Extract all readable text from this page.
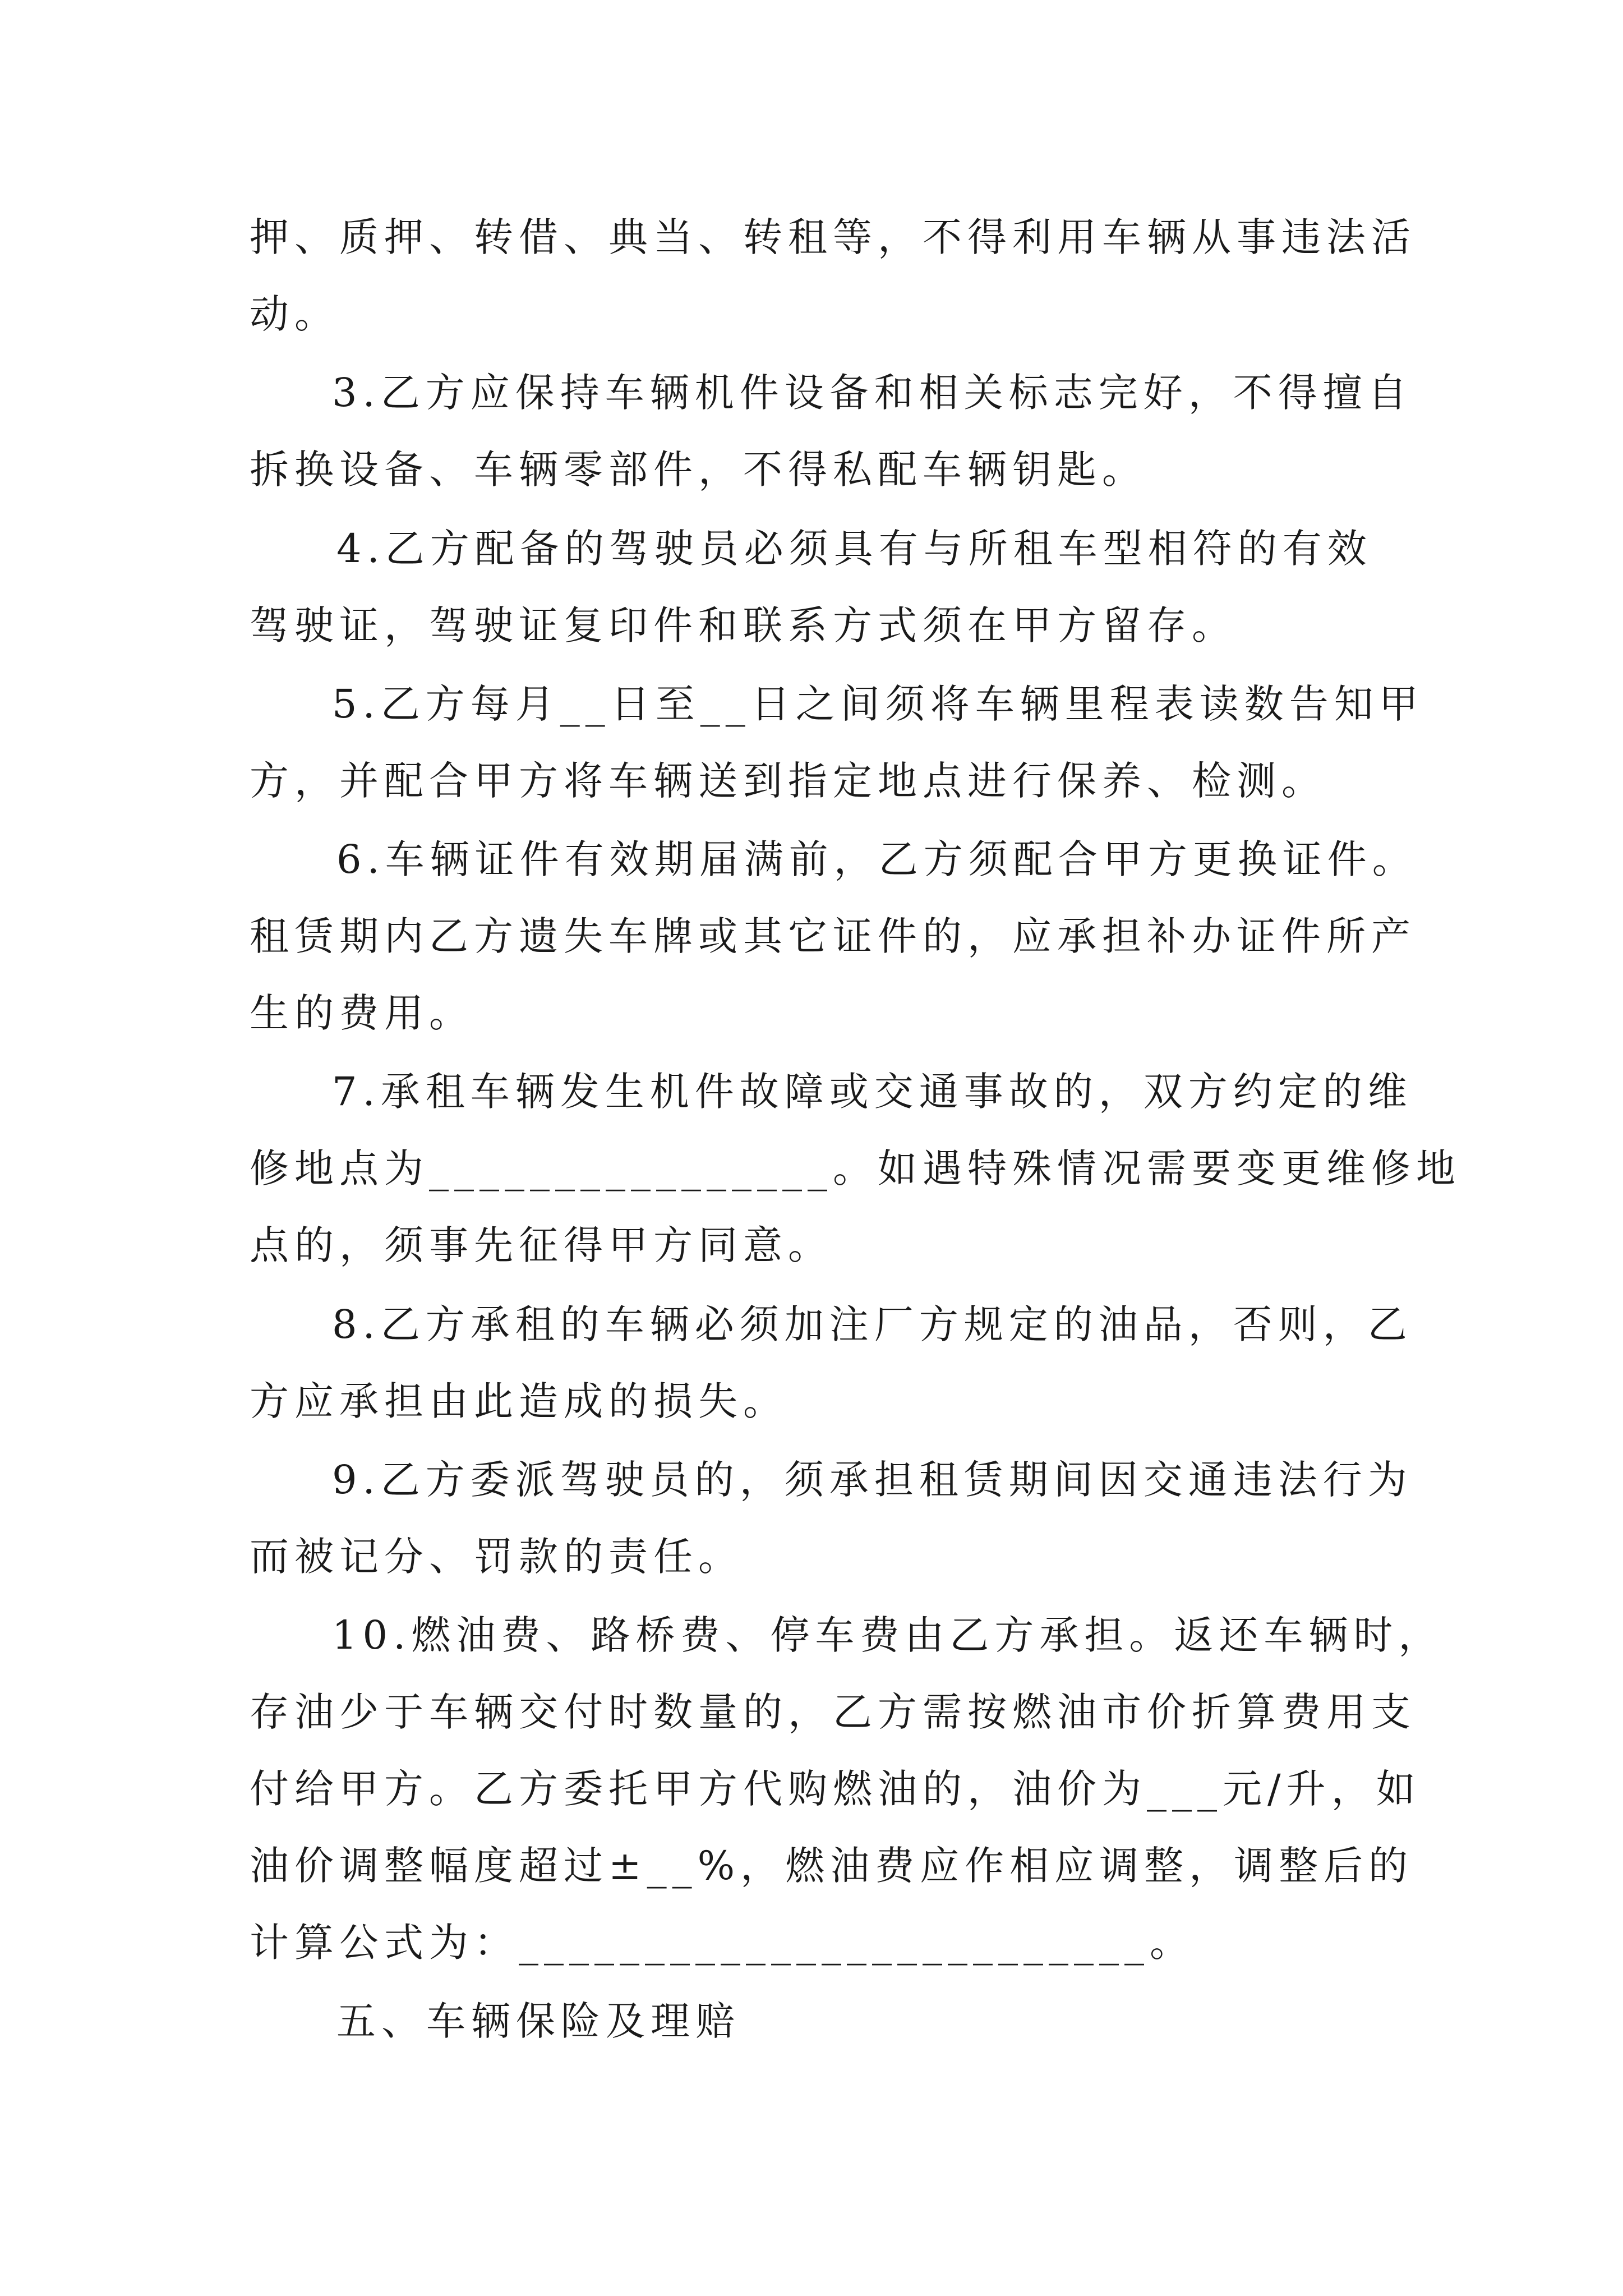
押、质押、转借、典当、转租等，不得利用车辆从事违法活
动。
3.乙方应保持车辆机件设备和相关标志完好，不得擅自
拆换设备、车辆零部件，不得私配车辆钥匙。
4.乙方配备的驾驶员必须具有与所租车型相符的有效
驾驶证，驾驶证复印件和联系方式须在甲方留存。
5.乙方每月__日至__日之间须将车辆里程表读数告知甲
方，并配合甲方将车辆送到指定地点进行保养、检测。
6.车辆证件有效期届满前，乙方须配合甲方更换证件。
租赁期内乙方遗失车牌或其它证件的，应承担补办证件所产
生的费用。
7.承租车辆发生机件故障或交通事故的，双方约定的维
修地点为________________。如遇特殊情况需要变更维修地
点的，须事先征得甲方同意。
8.乙方承租的车辆必须加注厂方规定的油品，否则，乙
方应承担由此造成的损失。
9.乙方委派驾驶员的，须承担租赁期间因交通违法行为
而被记分、罚款的责任。
10.燃油费、路桥费、停车费由乙方承担。返还车辆时，
存油少于车辆交付时数量的，乙方需按燃油市价折算费用支
付给甲方。乙方委托甲方代购燃油的，油价为___元/升，如
油价调整幅度超过±__%，燃油费应作相应调整，调整后的
计算公式为：_________________________。
五、车辆保险及理赔
